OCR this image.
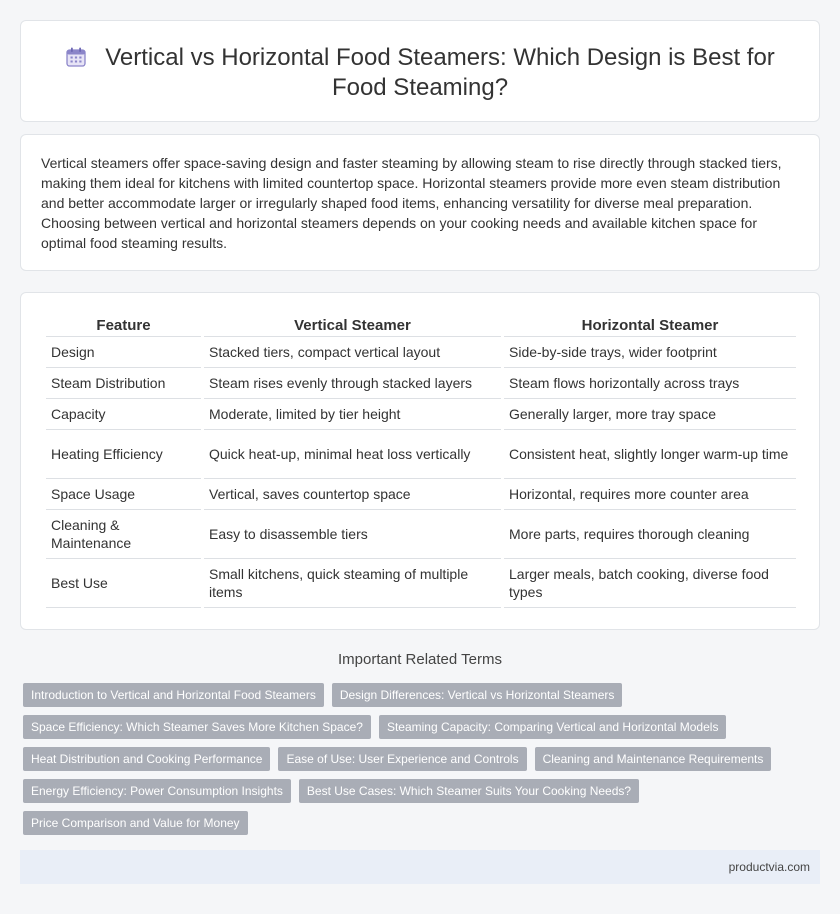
Vertical vs Horizontal Food Steamers: Which Design is Best for Food Steaming?

Vertical steamers offer space-saving design and faster steaming by allowing steam to rise directly through stacked tiers, making them ideal for kitchens with limited countertop space. Horizontal steamers provide more even steam distribution and better accommodate larger or irregularly shaped food items, enhancing versatility for diverse meal preparation. Choosing between vertical and horizontal steamers depends on your cooking needs and available kitchen space for optimal food steaming results.

Feature	Vertical Steamer	Horizontal Steamer
Design	Stacked tiers, compact vertical layout	Side-by-side trays, wider footprint
Steam Distribution	Steam rises evenly through stacked layers	Steam flows horizontally across trays
Capacity	Moderate, limited by tier height	Generally larger, more tray space
Heating Efficiency	Quick heat-up, minimal heat loss vertically	Consistent heat, slightly longer warm-up time
Space Usage	Vertical, saves countertop space	Horizontal, requires more counter area
Cleaning & Maintenance	Easy to disassemble tiers	More parts, requires thorough cleaning
Best Use	Small kitchens, quick steaming of multiple items	Larger meals, batch cooking, diverse food types
Important Related Terms
Introduction to Vertical and Horizontal Food Steamers	Design Differences: Vertical vs Horizontal Steamers
Space Efficiency: Which Steamer Saves More Kitchen Space?	Steaming Capacity: Comparing Vertical and Horizontal Models
Heat Distribution and Cooking Performance	Ease of Use: User Experience and Controls	Cleaning and Maintenance Requirements
Energy Efficiency: Power Consumption Insights	Best Use Cases: Which Steamer Suits Your Cooking Needs?
Price Comparison and Value for Money
productvia.com
